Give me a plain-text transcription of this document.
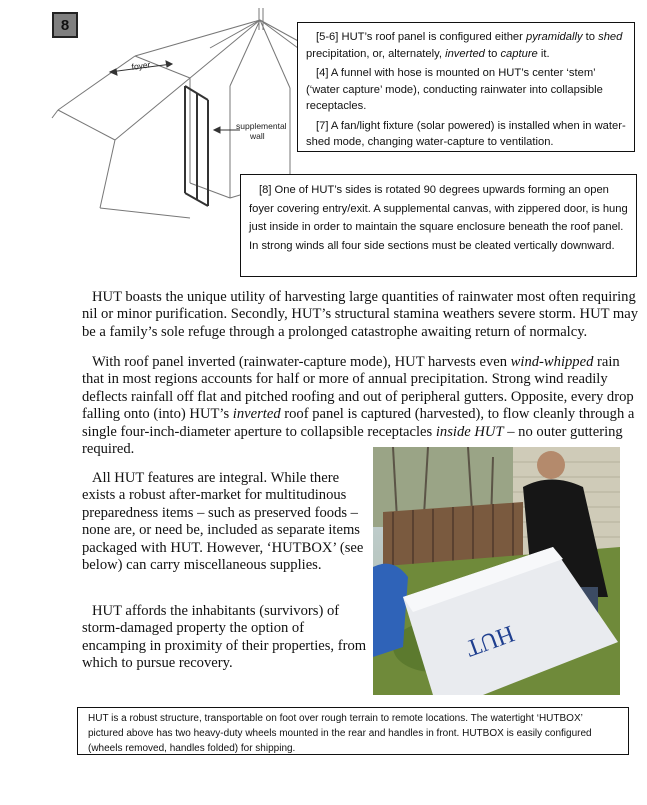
8
foyer
supplemental
wall

[5-6] HUT’s roof panel is configured either pyramidally to shed precipitation, or, alternately, inverted to capture it.

[4] A funnel with hose is mounted on HUT’s center ‘stem’ (‘water capture’ mode), conducting rainwater into collapsible receptacles.

[7] A fan/light fixture (solar powered) is installed when in water-shed mode, changing water-capture to ventilation.

[8] One of HUT’s sides is rotated 90 degrees upwards forming an open foyer covering entry/exit. A supplemental canvas, with zippered door, is hung just inside in order to maintain the square enclosure beneath the roof panel. In strong winds all four side sections must be cleated vertically downward.

HUT boasts the unique utility of harvesting large quantities of rainwater most often requiring nil or minor purification. Secondly, HUT’s structural stamina weathers severe storm. HUT may be a family’s sole refuge through a prolonged catastrophe awaiting return of normalcy.

With roof panel inverted (rainwater-capture mode), HUT harvests even wind-whipped rain that in most regions accounts for half or more of annual precipitation. Strong wind readily deflects rainfall off flat and pitched roofing and out of peripheral gutters. Opposite, every drop falling onto (into) HUT’s inverted roof panel is captured (harvested), to flow cleanly through a single four-inch-diameter aperture to collapsible receptacles inside HUT – no outer guttering required.

All HUT features are integral. While there exists a robust after-market for multitudinous preparedness items – such as preserved foods – none are, or need be, included as separate items packaged with HUT. However, ‘HUTBOX’ (see below) can carry miscellaneous supplies.

HUT affords the inhabitants (survivors) of storm-damaged property the option of encamping in proximity of their properties, from which to pursue recovery.

HUT

HUT is a robust structure, transportable on foot over rough terrain to remote locations. The watertight ‘HUTBOX’ pictured above has two heavy-duty wheels mounted in the rear and handles in front. HUTBOX is easily configured (wheels removed, handles folded) for shipping.
